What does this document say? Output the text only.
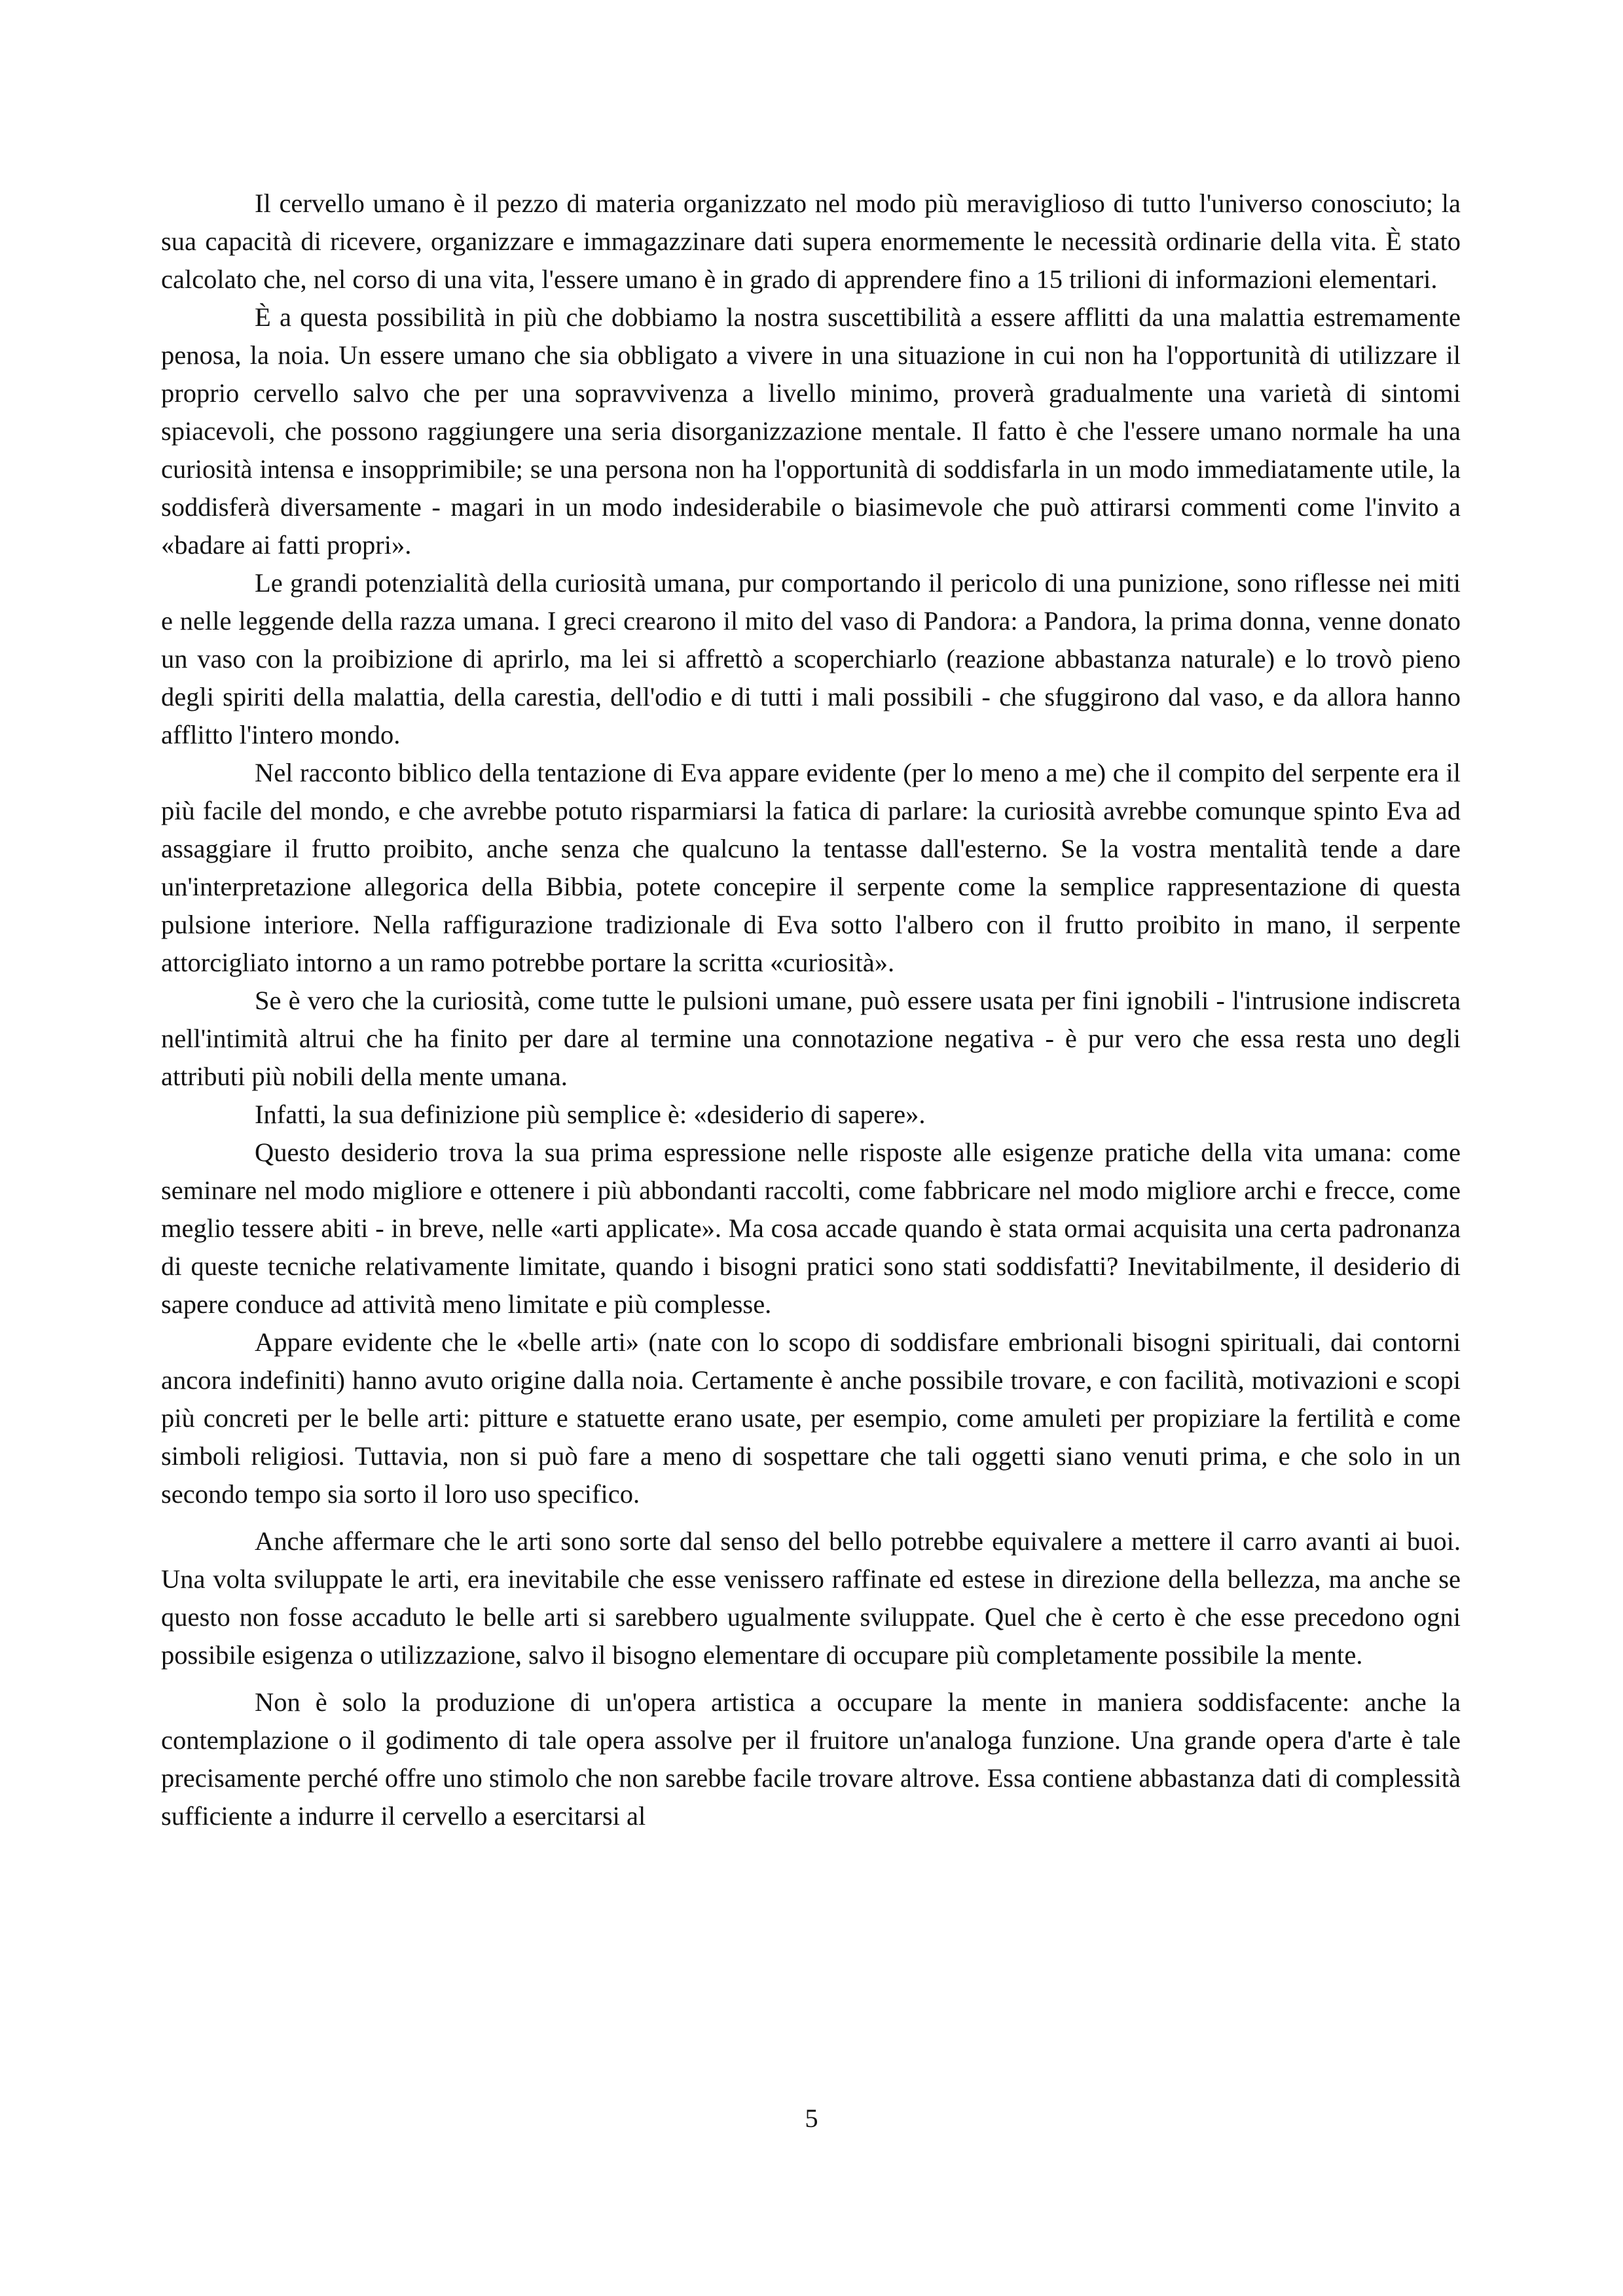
Il cervello umano è il pezzo di materia organizzato nel modo più meraviglioso di tutto l'universo conosciuto; la sua capacità di ricevere, organizzare e immagazzinare dati supera enormemente le necessità ordinarie della vita. È stato calcolato che, nel corso di una vita, l'essere umano è in grado di apprendere fino a 15 trilioni di informazioni elementari.

È a questa possibilità in più che dobbiamo la nostra suscettibilità a essere afflitti da una malattia estremamente penosa, la noia. Un essere umano che sia obbligato a vivere in una situazione in cui non ha l'opportunità di utilizzare il proprio cervello salvo che per una sopravvivenza a livello minimo, proverà gradualmente una varietà di sintomi spiacevoli, che possono raggiungere una seria disorganizzazione mentale. Il fatto è che l'essere umano normale ha una curiosità intensa e insopprimibile; se una persona non ha l'opportunità di soddisfarla in un modo immediatamente utile, la soddisferà diversamente - magari in un modo indesiderabile o biasimevole che può attirarsi commenti come l'invito a «badare ai fatti propri».

Le grandi potenzialità della curiosità umana, pur comportando il pericolo di una punizione, sono riflesse nei miti e nelle leggende della razza umana. I greci crearono il mito del vaso di Pandora: a Pandora, la prima donna, venne donato un vaso con la proibizione di aprirlo, ma lei si affrettò a scoperchiarlo (reazione abbastanza naturale) e lo trovò pieno degli spiriti della malattia, della carestia, dell'odio e di tutti i mali possibili - che sfuggirono dal vaso, e da allora hanno afflitto l'intero mondo.

Nel racconto biblico della tentazione di Eva appare evidente (per lo meno a me) che il compito del serpente era il più facile del mondo, e che avrebbe potuto risparmiarsi la fatica di parlare: la curiosità avrebbe comunque spinto Eva ad assaggiare il frutto proibito, anche senza che qualcuno la tentasse dall'esterno. Se la vostra mentalità tende a dare un'interpretazione allegorica della Bibbia, potete concepire il serpente come la semplice rappresentazione di questa pulsione interiore. Nella raffigurazione tradizionale di Eva sotto l'albero con il frutto proibito in mano, il serpente attorcigliato intorno a un ramo potrebbe portare la scritta «curiosità».

Se è vero che la curiosità, come tutte le pulsioni umane, può essere usata per fini ignobili - l'intrusione indiscreta nell'intimità altrui che ha finito per dare al termine una connotazione negativa - è pur vero che essa resta uno degli attributi più nobili della mente umana.

Infatti, la sua definizione più semplice è: «desiderio di sapere».

Questo desiderio trova la sua prima espressione nelle risposte alle esigenze pratiche della vita umana: come seminare nel modo migliore e ottenere i più abbondanti raccolti, come fabbricare nel modo migliore archi e frecce, come meglio tessere abiti - in breve, nelle «arti applicate». Ma cosa accade quando è stata ormai acquisita una certa padronanza di queste tecniche relativamente limitate, quando i bisogni pratici sono stati soddisfatti? Inevitabilmente, il desiderio di sapere conduce ad attività meno limitate e più complesse.

Appare evidente che le «belle arti» (nate con lo scopo di soddisfare embrionali bisogni spirituali, dai contorni ancora indefiniti) hanno avuto origine dalla noia. Certamente è anche possibile trovare, e con facilità, motivazioni e scopi più concreti per le belle arti: pitture e statuette erano usate, per esempio, come amuleti per propiziare la fertilità e come simboli religiosi. Tuttavia, non si può fare a meno di sospettare che tali oggetti siano venuti prima, e che solo in un secondo tempo sia sorto il loro uso specifico.

Anche affermare che le arti sono sorte dal senso del bello potrebbe equivalere a mettere il carro avanti ai buoi. Una volta sviluppate le arti, era inevitabile che esse venissero raffinate ed estese in direzione della bellezza, ma anche se questo non fosse accaduto le belle arti si sarebbero ugualmente sviluppate. Quel che è certo è che esse precedono ogni possibile esigenza o utilizzazione, salvo il bisogno elementare di occupare più completamente possibile la mente.

Non è solo la produzione di un'opera artistica a occupare la mente in maniera soddisfacente: anche la contemplazione o il godimento di tale opera assolve per il fruitore un'analoga funzione. Una grande opera d'arte è tale precisamente perché offre uno stimolo che non sarebbe facile trovare altrove. Essa contiene abbastanza dati di complessità sufficiente a indurre il cervello a esercitarsi al

5
